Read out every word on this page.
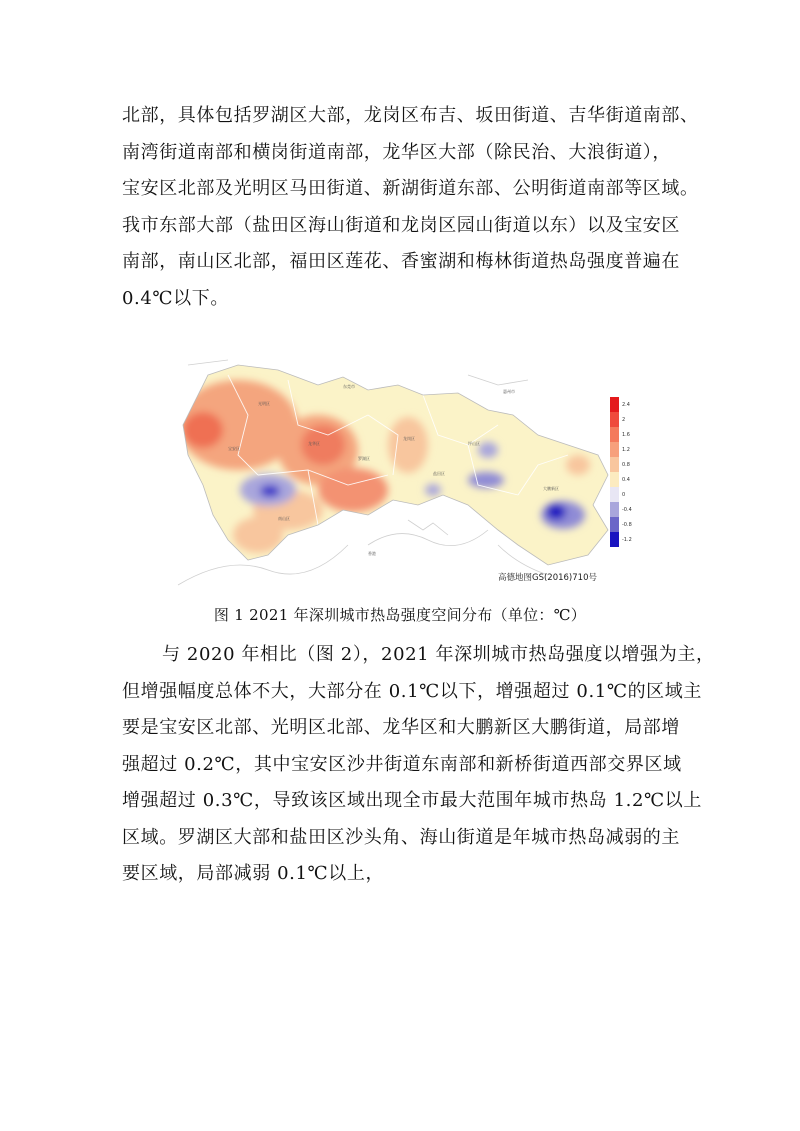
北部，具体包括罗湖区大部，龙岗区布吉、坂田街道、吉华街道南部、
南湾街道南部和横岗街道南部，龙华区大部（除民治、大浪街道），
宝安区北部及光明区马田街道、新湖街道东部、公明街道南部等区域。
我市东部大部（盐田区海山街道和龙岗区园山街道以东）以及宝安区
南部，南山区北部，福田区莲花、香蜜湖和梅林街道热岛强度普遍在
0.4℃以下。
光明区
龙华区
龙岗区
坪山区
大鹏新区
南山区
宝安区
罗湖区
盐田区
东莞市
惠州市
香港
2.4
2
1.6
1.2
0.8
0.4
0
-0.4
-0.8
-1.2
高德地图GS(2016)710号

图 1 2021 年深圳城市热岛强度空间分布（单位：℃）

与 2020 年相比（图 2），2021 年深圳城市热岛强度以增强为主，
但增强幅度总体不大，大部分在 0.1℃以下，增强超过 0.1℃的区域主
要是宝安区北部、光明区北部、龙华区和大鹏新区大鹏街道，局部增
强超过 0.2℃，其中宝安区沙井街道东南部和新桥街道西部交界区域
增强超过 0.3℃，导致该区域出现全市最大范围年城市热岛 1.2℃以上
区域。罗湖区大部和盐田区沙头角、海山街道是年城市热岛减弱的主
要区域，局部减弱 0.1℃以上，
